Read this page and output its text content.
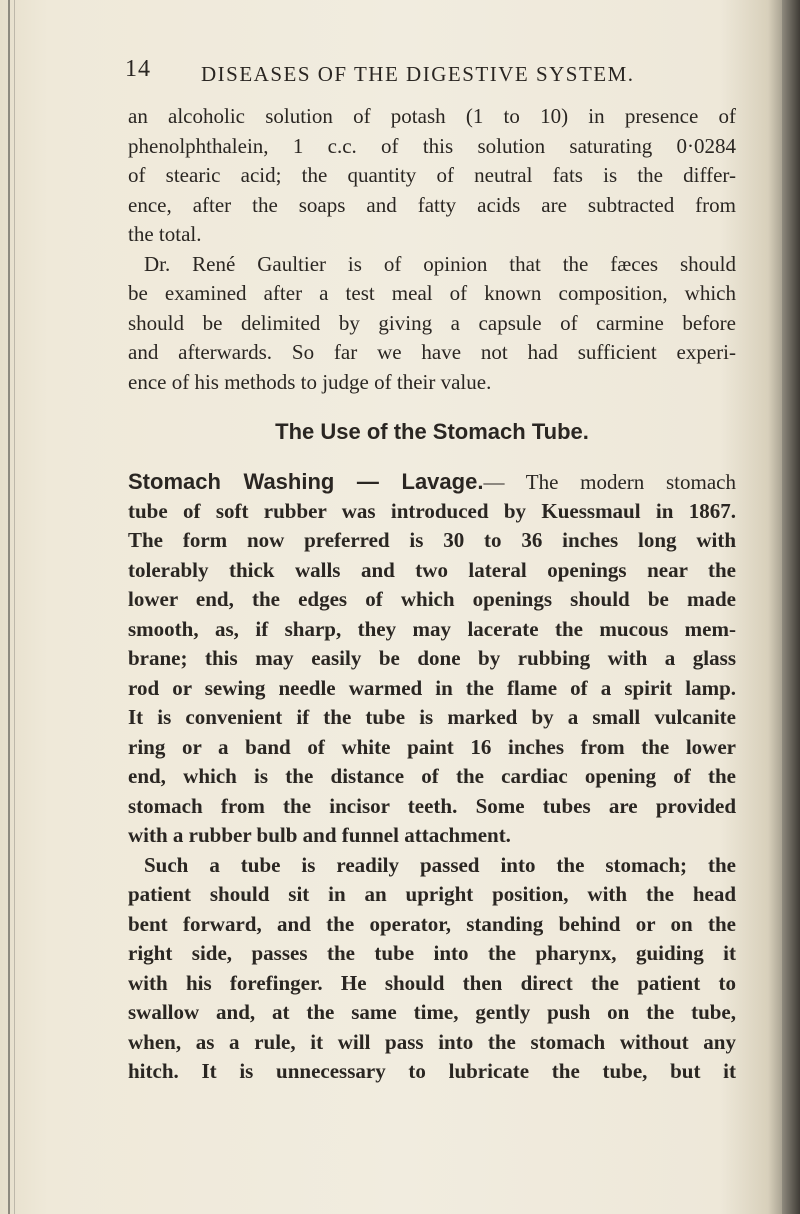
14 DISEASES OF THE DIGESTIVE SYSTEM.
an alcoholic solution of potash (1 to 10) in presence of
phenolphthalein, 1 c.c. of this solution saturating 0·0284
of stearic acid; the quantity of neutral fats is the differ-
ence, after the soaps and fatty acids are subtracted from
the total.
Dr. René Gaultier is of opinion that the fæces should
be examined after a test meal of known composition, which
should be delimited by giving a capsule of carmine before
and afterwards. So far we have not had sufficient experi-
ence of his methods to judge of their value.
The Use of the Stomach Tube.
Stomach Washing — Lavage.— The modern stomach
tube of soft rubber was introduced by Kuessmaul in 1867.
The form now preferred is 30 to 36 inches long with
tolerably thick walls and two lateral openings near the
lower end, the edges of which openings should be made
smooth, as, if sharp, they may lacerate the mucous mem-
brane; this may easily be done by rubbing with a glass
rod or sewing needle warmed in the flame of a spirit lamp.
It is convenient if the tube is marked by a small vulcanite
ring or a band of white paint 16 inches from the lower
end, which is the distance of the cardiac opening of the
stomach from the incisor teeth. Some tubes are provided
with a rubber bulb and funnel attachment.
Such a tube is readily passed into the stomach; the
patient should sit in an upright position, with the head
bent forward, and the operator, standing behind or on the
right side, passes the tube into the pharynx, guiding it
with his forefinger. He should then direct the patient to
swallow and, at the same time, gently push on the tube,
when, as a rule, it will pass into the stomach without any
hitch. It is unnecessary to lubricate the tube, but it
